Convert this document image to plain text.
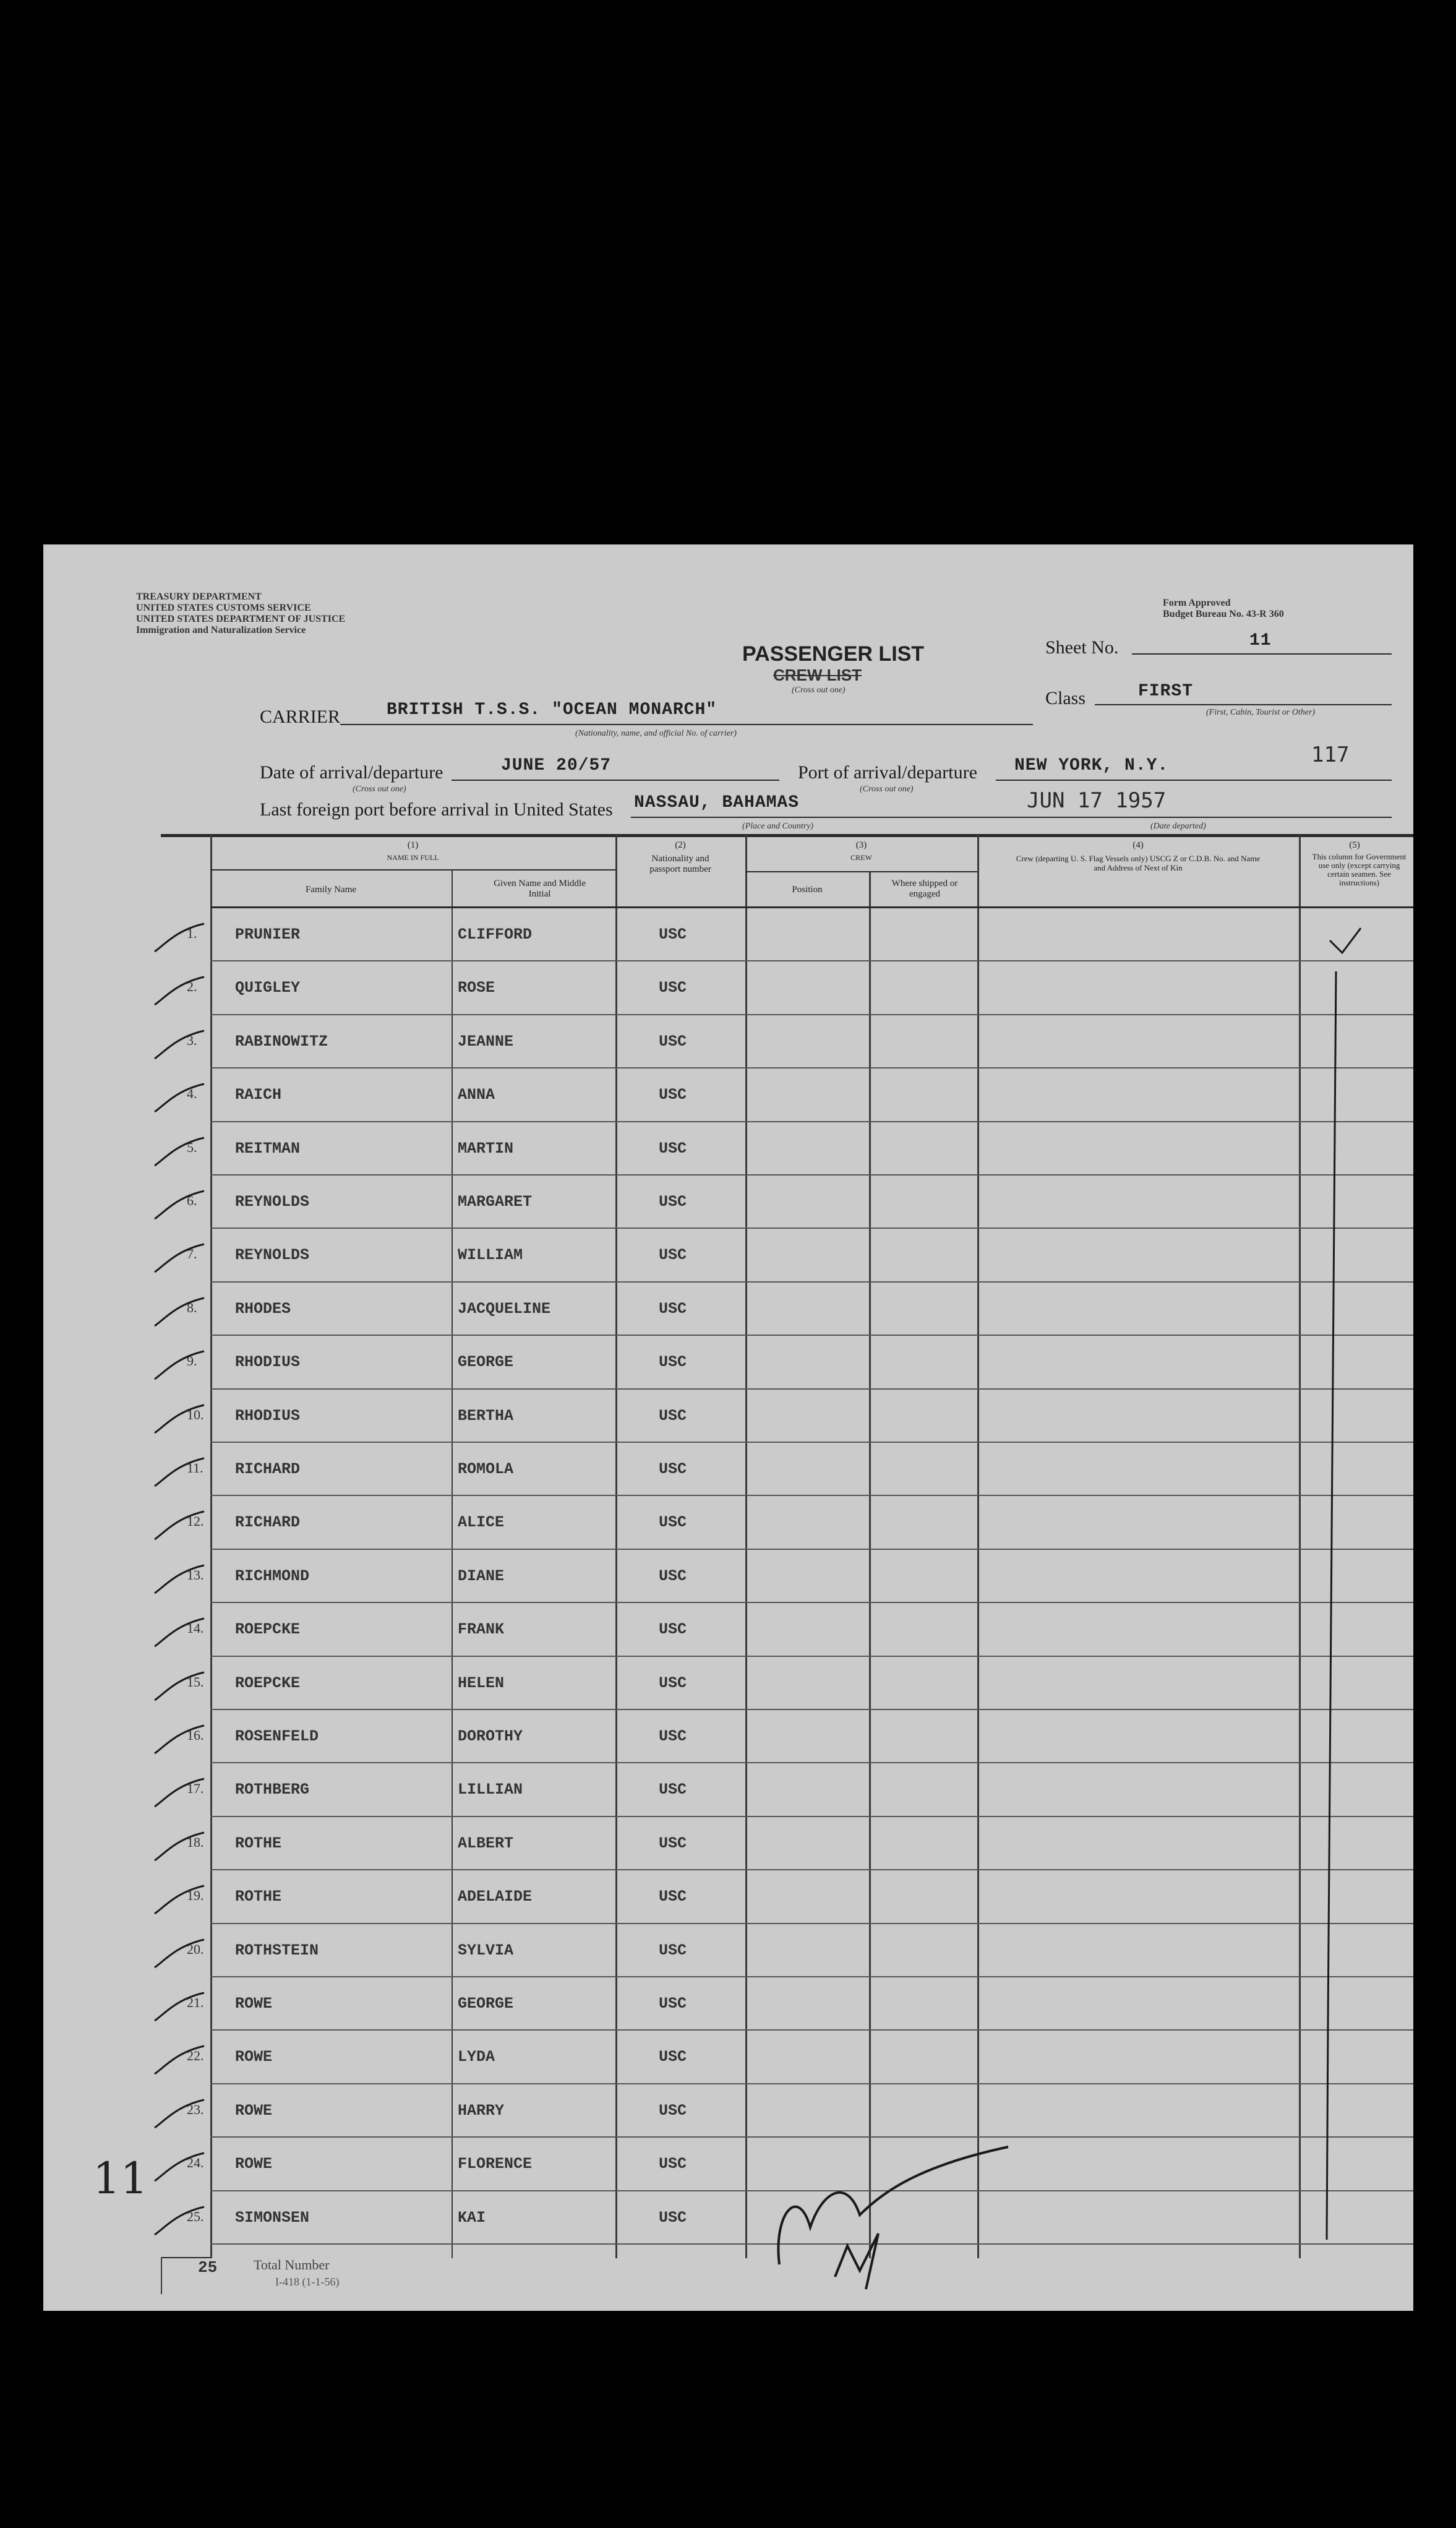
TREASURY DEPARTMENT
UNITED STATES CUSTOMS SERVICE
UNITED STATES DEPARTMENT OF JUSTICE
Immigration and Naturalization Service
Form Approved
Budget Bureau No. 43-R 360
PASSENGER LIST
CREW LIST
(Cross out one)
Sheet No.	11
Class	FIRST
(First, Cabin, Tourist or Other)
CARRIER	BRITISH T.S.S. "OCEAN MONARCH"
(Nationality, name, and official No. of carrier)
Date of arrival/departure	JUNE 20/57
(Cross out one)
Port of arrival/departure NEW YORK, N.Y.
(Cross out one)
117
Last foreign port before arrival in United States NASSAU, BAHAMAS
(Place and Country)
JUN 17 1957
(Date departed)
(1)
NAME IN FULL
Family Name
Given Name and Middle Initial
(2)
Nationality and passport number
(3)
CREW
Position
Where shipped or engaged
(4)
Crew (departing U. S. Flag Vessels only) USCG Z or C.D.B. No. and Name and Address of Next of Kin
(5)
This column for Government use only (except carrying certain seamen. See instructions)
1. PRUNIER	CLIFFORD	USC
2. QUIGLEY	ROSE	USC
3. RABINOWITZ	JEANNE	USC
4. RAICH	ANNA	USC
5. REITMAN	MARTIN	USC
6. REYNOLDS	MARGARET	USC
7. REYNOLDS	WILLIAM	USC
8. RHODES	JACQUELINE	USC
9. RHODIUS	GEORGE	USC
10. RHODIUS	BERTHA	USC
11. RICHARD	ROMOLA	USC
12. RICHARD	ALICE	USC
13. RICHMOND	DIANE	USC
14. ROEPCKE	FRANK	USC
15. ROEPCKE	HELEN	USC
16. ROSENFELD	DOROTHY	USC
17. ROTHBERG	LILLIAN	USC
18. ROTHE	ALBERT	USC
19. ROTHE	ADELAIDE	USC
20. ROTHSTEIN	SYLVIA	USC
21. ROWE	GEORGE	USC
22. ROWE	LYDA	USC
23. ROWE	HARRY	USC
24. ROWE	FLORENCE	USC
25. SIMONSEN	KAI	USC
25	Total Number
I-418 (1-1-56)
11
